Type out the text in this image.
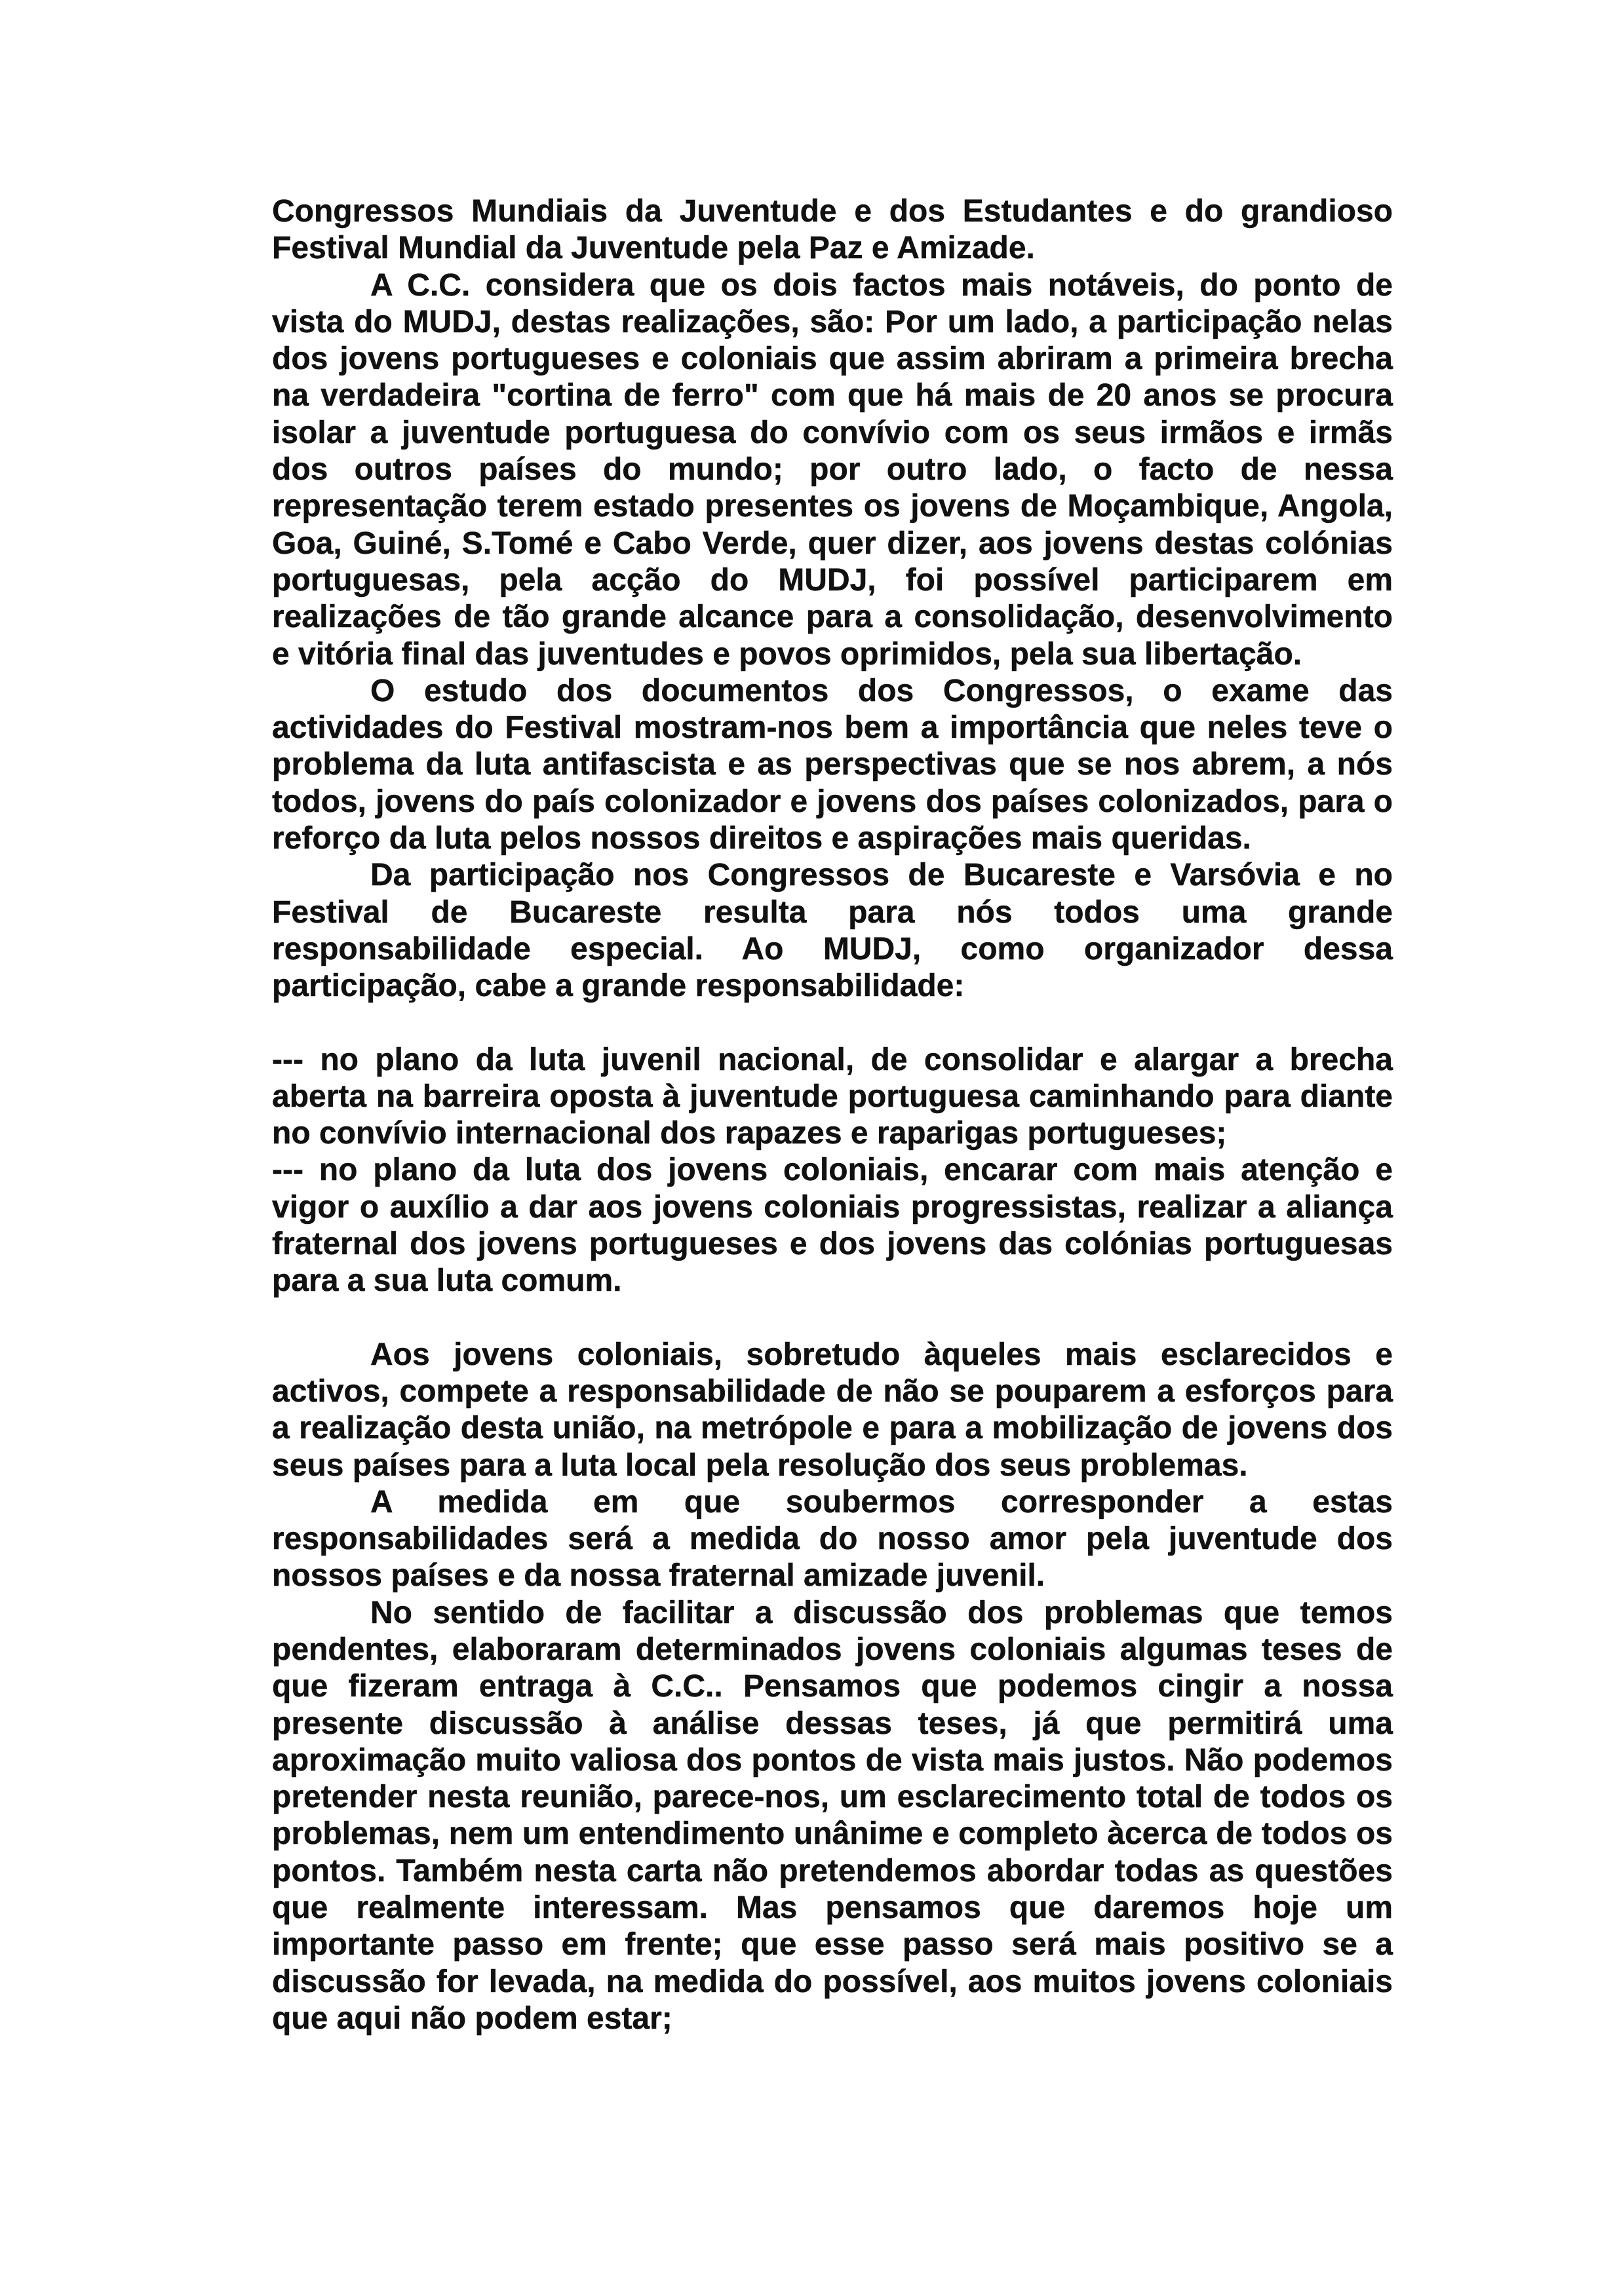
Congressos Mundiais da Juventude e dos Estudantes e do grandioso Festival Mundial da Juventude pela Paz e Amizade.

A C.C. considera que os dois factos mais notáveis, do ponto de vista do MUDJ, destas realizações, são: Por um lado, a participação nelas dos jovens portugueses e coloniais que assim abriram a primeira brecha na verdadeira "cortina de ferro" com que há mais de 20 anos se procura isolar a juventude portuguesa do convívio com os seus irmãos e irmãs dos outros países do mundo; por outro lado, o facto de nessa representação terem estado presentes os jovens de Moçambique, Angola, Goa, Guiné, S.Tomé e Cabo Verde, quer dizer, aos jovens destas colónias portuguesas, pela acção do MUDJ, foi possível participarem em realizações de tão grande alcance para a consolidação, desenvolvimento e vitória final das juventudes e povos oprimidos, pela sua libertação.

O estudo dos documentos dos Congressos, o exame das actividades do Festival mostram-nos bem a importância que neles teve o problema da luta antifascista e as perspectivas que se nos abrem, a nós todos, jovens do país colonizador e jovens dos países colonizados, para o reforço da luta pelos nossos direitos e aspirações mais queridas.

Da participação nos Congressos de Bucareste e Varsóvia e no Festival de Bucareste resulta para nós todos uma grande responsabilidade especial. Ao MUDJ, como organizador dessa participação, cabe a grande responsabilidade:

--- no plano da luta juvenil nacional, de consolidar e alargar a brecha aberta na barreira oposta à juventude portuguesa caminhando para diante no convívio internacional dos rapazes e raparigas portugueses;

--- no plano da luta dos jovens coloniais, encarar com mais atenção e vigor o auxílio a dar aos jovens coloniais progressistas, realizar a aliança fraternal dos jovens portugueses e dos jovens das colónias portuguesas para a sua luta comum.

Aos jovens coloniais, sobretudo àqueles mais esclarecidos e activos, compete a responsabilidade de não se pouparem a esforços para a realização desta união, na metrópole e para a mobilização de jovens dos seus países para a luta local pela resolução dos seus problemas.

A medida em que soubermos corresponder a estas responsabilidades será a medida do nosso amor pela juventude dos nossos países e da nossa fraternal amizade juvenil.

No sentido de facilitar a discussão dos problemas que temos pendentes, elaboraram determinados jovens coloniais algumas teses de que fizeram entraga à C.C.. Pensamos que podemos cingir a nossa presente discussão à análise dessas teses, já que permitirá uma aproximação muito valiosa dos pontos de vista mais justos. Não podemos pretender nesta reunião, parece-nos, um esclarecimento total de todos os problemas, nem um entendimento unânime e completo àcerca de todos os pontos. Também nesta carta não pretendemos abordar todas as questões que realmente interessam. Mas pensamos que daremos hoje um importante passo em frente; que esse passo será mais positivo se a discussão for levada, na medida do possível, aos muitos jovens coloniais que aqui não podem estar;
